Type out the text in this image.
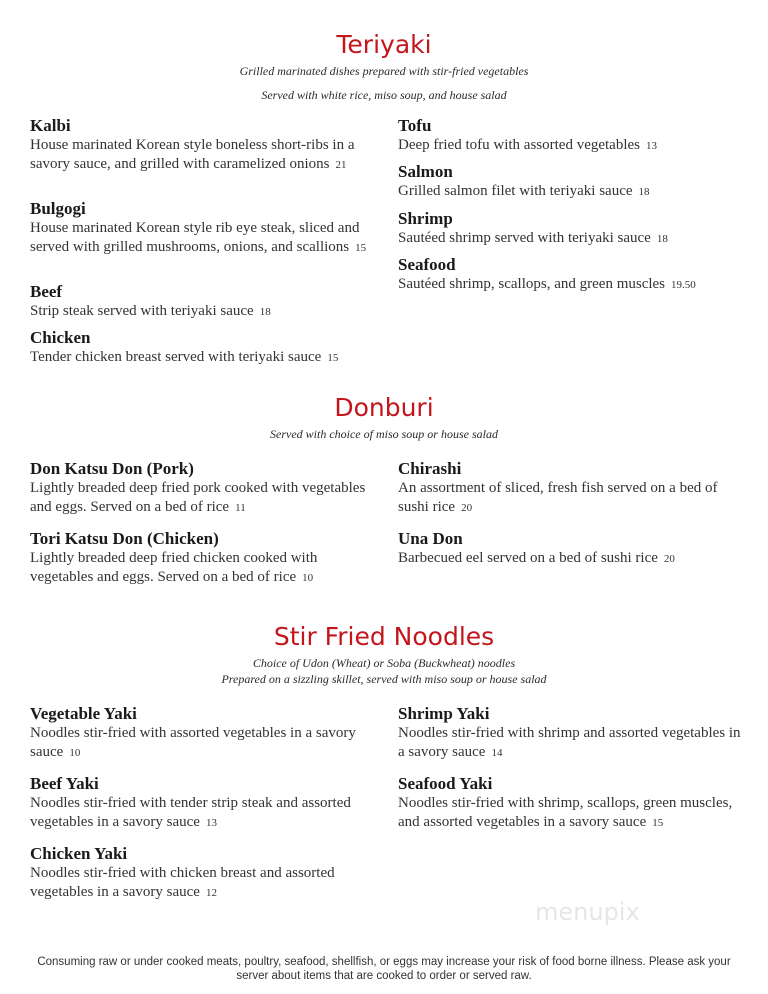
Teriyaki
Grilled marinated dishes prepared with stir-fried vegetables
Served with white rice, miso soup, and house salad
Kalbi
House marinated Korean style boneless short-ribs in a savory sauce, and grilled with caramelized onions 21
Bulgogi
House marinated Korean style rib eye steak, sliced and served with grilled mushrooms, onions, and scallions 15
Beef
Strip steak served with teriyaki sauce 18
Chicken
Tender chicken breast served with teriyaki sauce 15
Tofu
Deep fried tofu with assorted vegetables 13
Salmon
Grilled salmon filet with teriyaki sauce 18
Shrimp
Sautéed shrimp served with teriyaki sauce 18
Seafood
Sautéed shrimp, scallops, and green muscles 19.50
Donburi
Served with choice of miso soup or house salad
Don Katsu Don (Pork)
Lightly breaded deep fried pork cooked with vegetables and eggs. Served on a bed of rice 11
Tori Katsu Don (Chicken)
Lightly breaded deep fried chicken cooked with vegetables and eggs. Served on a bed of rice 10
Chirashi
An assortment of sliced, fresh fish served on a bed of sushi rice 20
Una Don
Barbecued eel served on a bed of sushi rice 20
Stir Fried Noodles
Choice of Udon (Wheat) or Soba (Buckwheat) noodles
Prepared on a sizzling skillet, served with miso soup or house salad
Vegetable Yaki
Noodles stir-fried with assorted vegetables in a savory sauce 10
Beef Yaki
Noodles stir-fried with tender strip steak and assorted vegetables in a savory sauce 13
Chicken Yaki
Noodles stir-fried with chicken breast and assorted vegetables in a savory sauce 12
Shrimp Yaki
Noodles stir-fried with shrimp and assorted vegetables in a savory sauce 14
Seafood Yaki
Noodles stir-fried with shrimp, scallops, green muscles, and assorted vegetables in a savory sauce 15
menupix
Consuming raw or under cooked meats, poultry, seafood, shellfish, or eggs may increase your risk of food borne illness. Please ask your server about items that are cooked to order or served raw.
